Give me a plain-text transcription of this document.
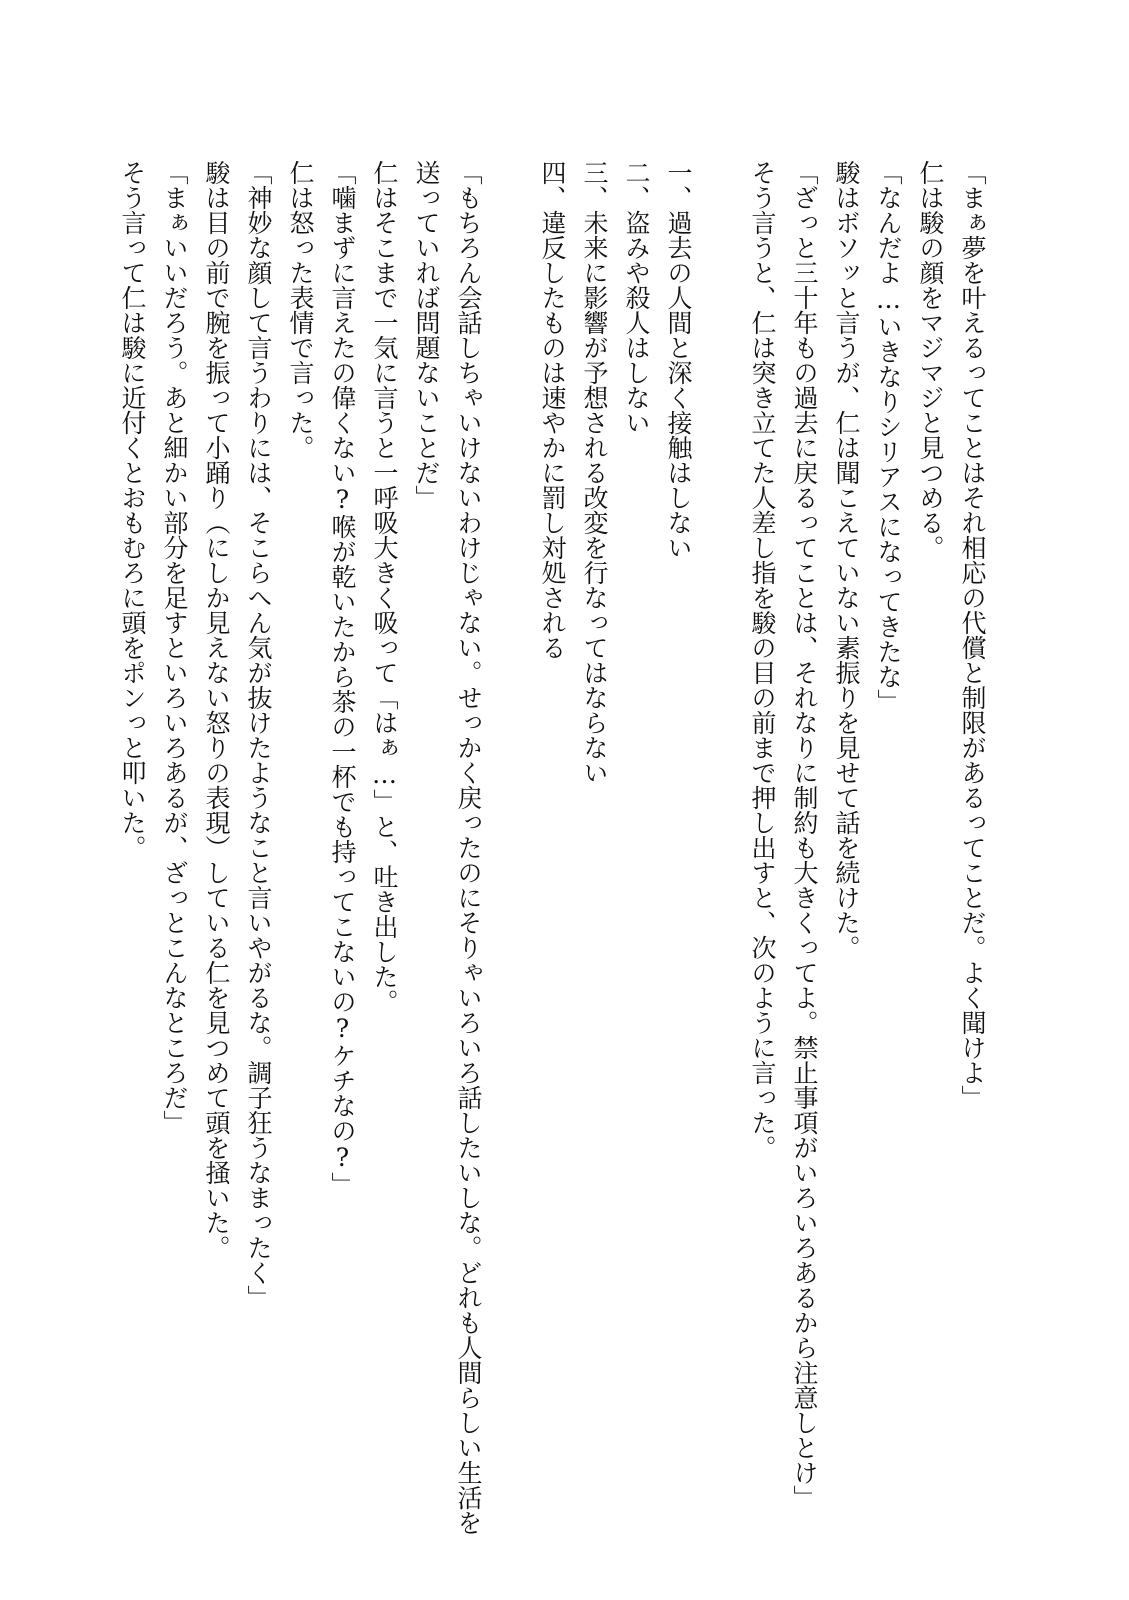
「まぁ夢を叶えるってことはそれ相応の代償と制限があるってことだ。よく聞けよ」
仁は駿の顔をマジマジと見つめる。
「なんだよ…いきなりシリアスになってきたな」
駿はボソッと言うが、仁は聞こえていない素振りを見せて話を続けた。
「ざっと三十年もの過去に戻るってことは、それなりに制約も大きくってよ。禁止事項がいろいろあるから注意しとけ」
そう言うと、仁は突き立てた人差し指を駿の目の前まで押し出すと、次のように言った。
一、過去の人間と深く接触はしない
二、盗みや殺人はしない
三、未来に影響が予想される改変を行なってはならない
四、違反したものは速やかに罰し対処される
「もちろん会話しちゃいけないわけじゃない。せっかく戻ったのにそりゃいろいろ話したいしな。どれも人間らしい生活を
送っていれば問題ないことだ」
仁はそこまで一気に言うと一呼吸大きく吸って「はぁ…」と、吐き出した。
「噛まずに言えたの偉くない?喉が乾いたから茶の一杯でも持ってこないの?ケチなの?」
仁は怒った表情で言った。
「神妙な顔して言うわりには、そこらへん気が抜けたようなこと言いやがるな。調子狂うなまったく」
駿は目の前で腕を振って小踊り（にしか見えない怒りの表現）している仁を見つめて頭を掻いた。
「まぁいいだろう。あと細かい部分を足すといろいろあるが、ざっとこんなところだ」
そう言って仁は駿に近付くとおもむろに頭をポンっと叩いた。
